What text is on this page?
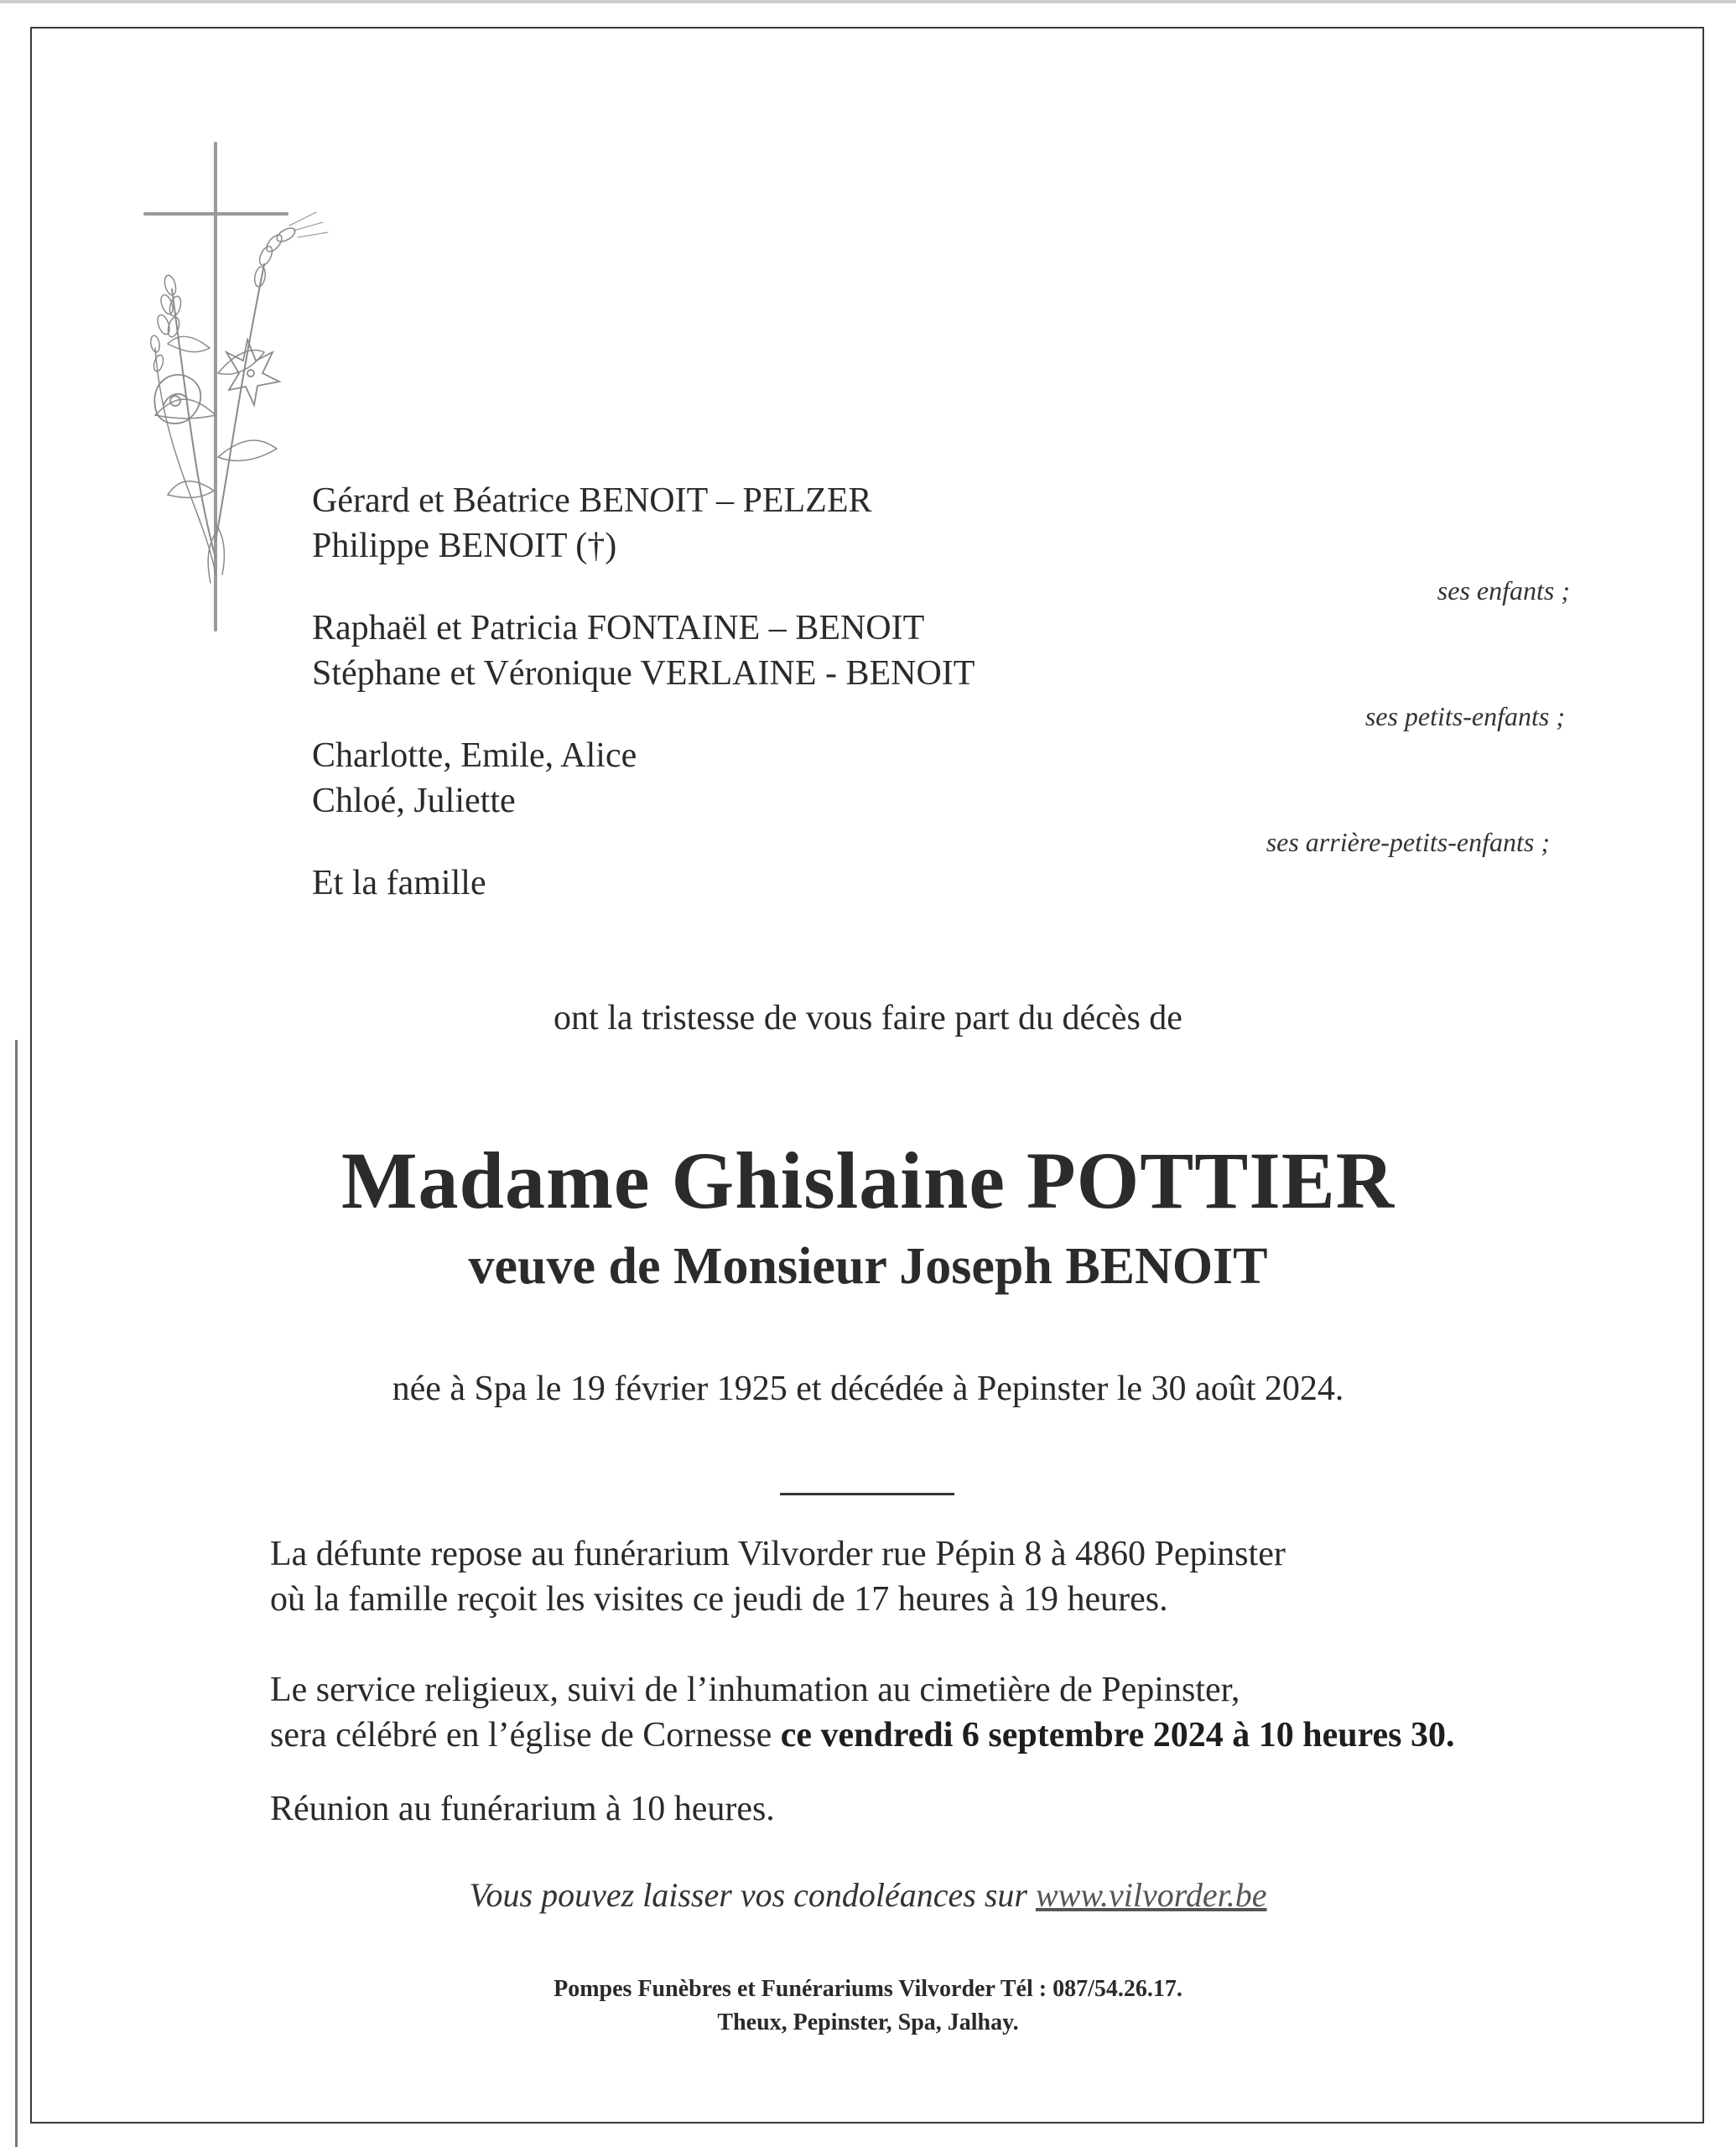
Gérard et Béatrice BENOIT – PELZER
Philippe BENOIT (†)
Raphaël et Patricia FONTAINE – BENOIT
Stéphane et Véronique VERLAINE - BENOIT
Charlotte, Emile, Alice
Chloé, Juliette
Et la famille
ses enfants ;
ses petits-enfants ;
ses arrière-petits-enfants ;
ont la tristesse de vous faire part du décès de
Madame Ghislaine POTTIER
veuve de Monsieur Joseph BENOIT
née à Spa le 19 février 1925 et décédée à Pepinster le 30 août 2024.
La défunte repose au funérarium Vilvorder rue Pépin 8 à 4860 Pepinster
où la famille reçoit les visites ce jeudi de 17 heures à 19 heures.
Le service religieux, suivi de l’inhumation au cimetière de Pepinster,
sera célébré en l’église de Cornesse ce vendredi 6 septembre 2024 à 10 heures 30.
Réunion au funérarium à 10 heures.
Vous pouvez laisser vos condoléances sur www.vilvorder.be
Pompes Funèbres et Funérariums Vilvorder Tél : 087/54.26.17.
Theux, Pepinster, Spa, Jalhay.
